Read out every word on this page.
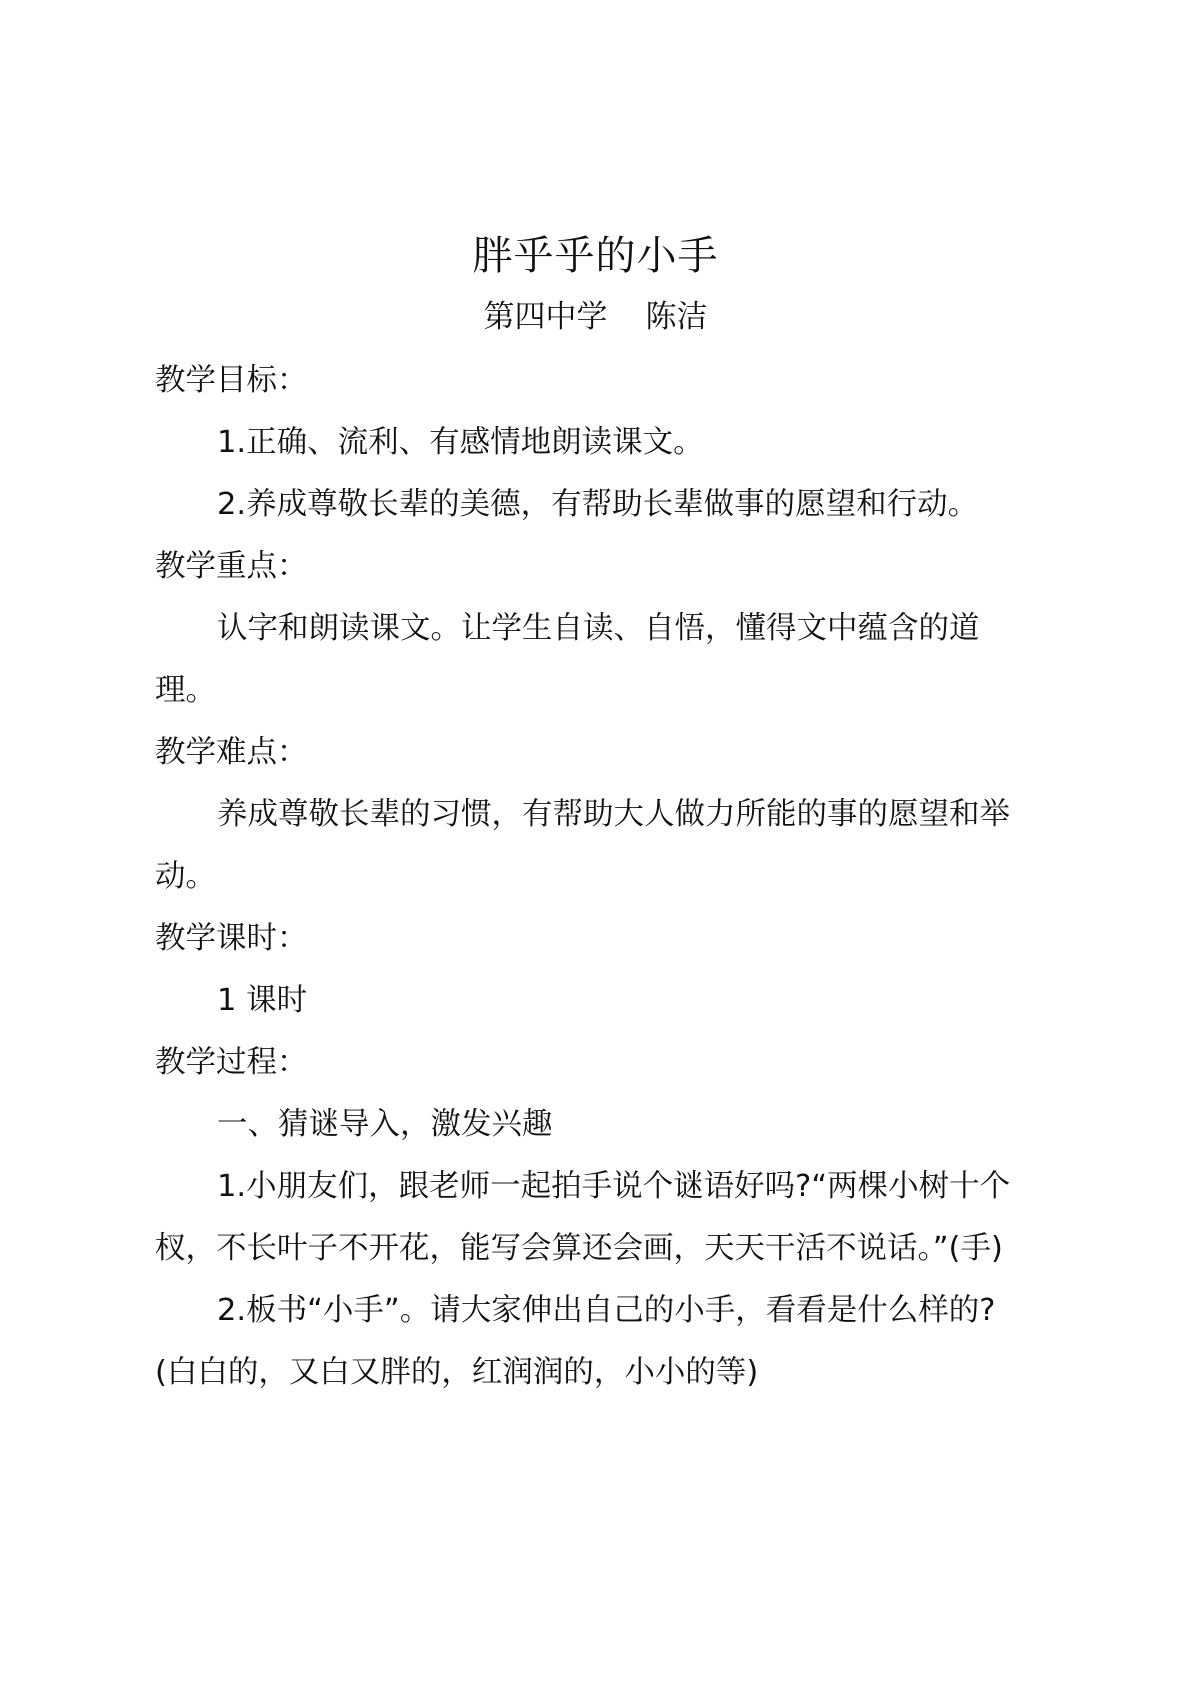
胖乎乎的小手
第四中学 陈洁

教学目标：

1.正确、流利、有感情地朗读课文。

2.养成尊敬长辈的美德，有帮助长辈做事的愿望和行动。

教学重点：

认字和朗读课文。让学生自读、自悟，懂得文中蕴含的道理。

教学难点：

养成尊敬长辈的习惯，有帮助大人做力所能的事的愿望和举动。

教学课时：

1 课时

教学过程：

一、猜谜导入，激发兴趣

1.小朋友们，跟老师一起拍手说个谜语好吗?“两棵小树十个杈，不长叶子不开花，能写会算还会画，天天干活不说话。”(手)

2.板书“小手”。请大家伸出自己的小手，看看是什么样的?(白白的，又白又胖的，红润润的，小小的等)
